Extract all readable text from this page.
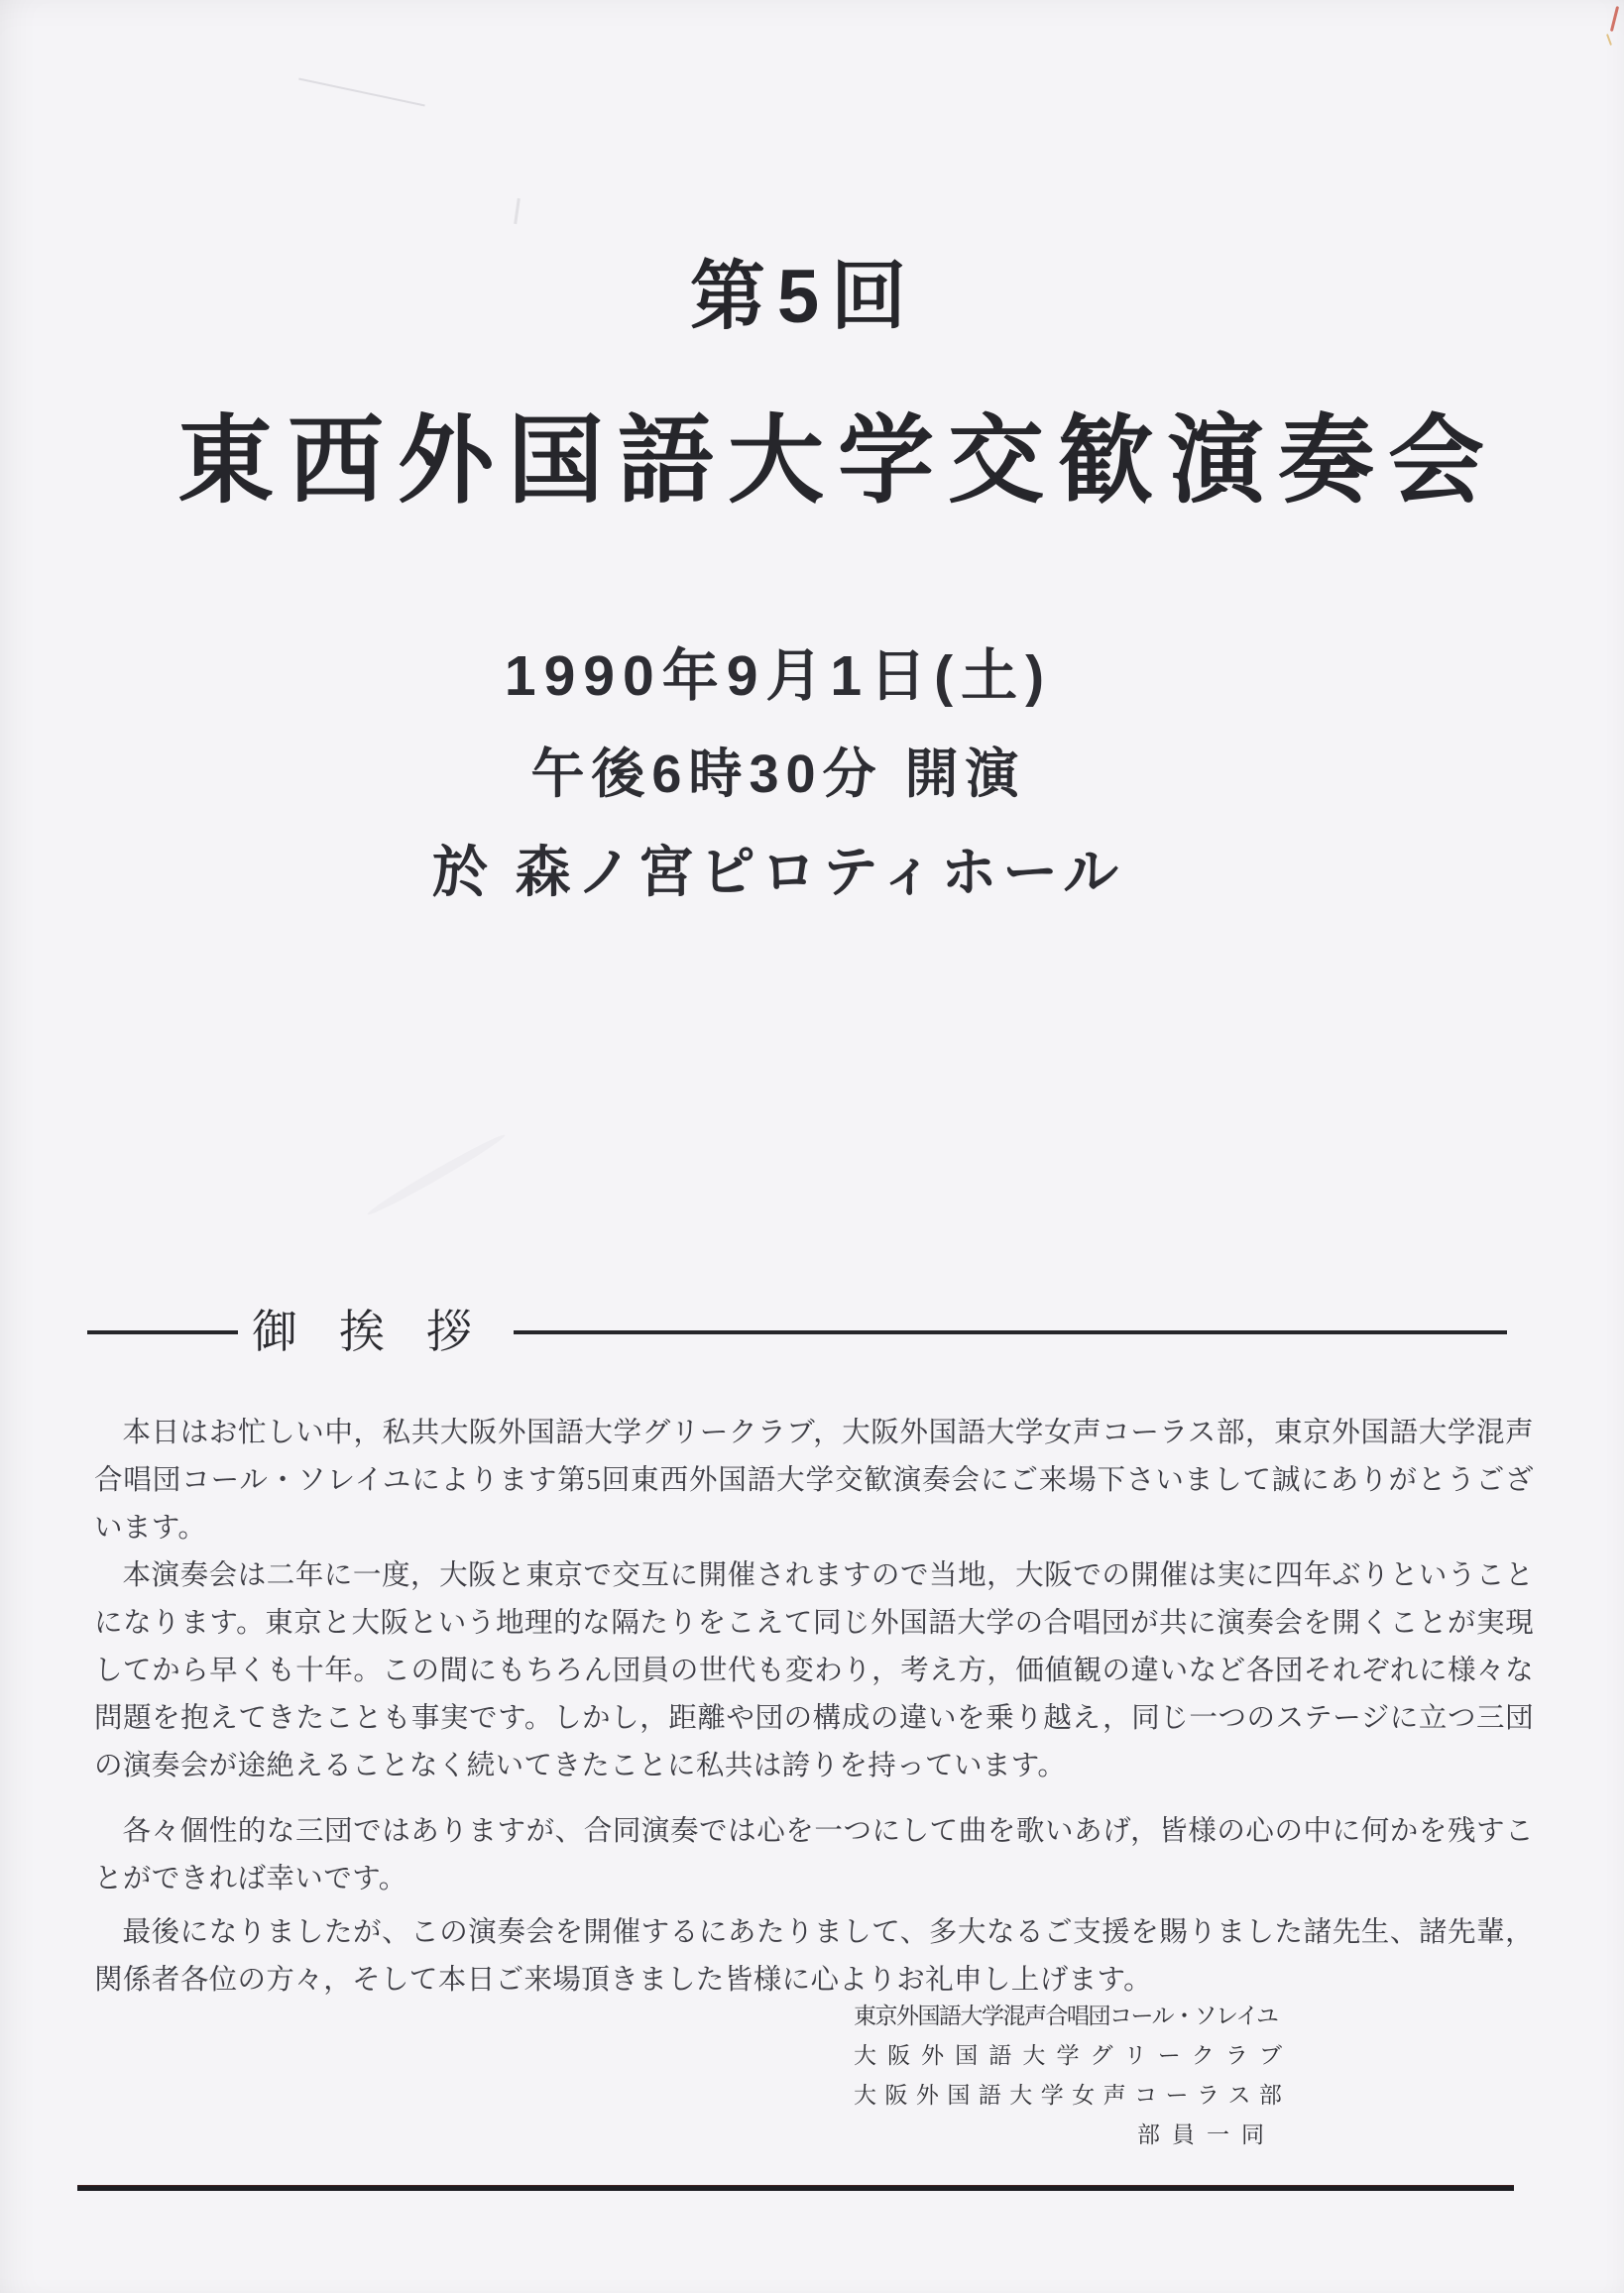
第5回
東西外国語大学交歓演奏会
1990年9月1日(土)
午後6時30分 開演
於 森ノ宮ピロティホール
御挨拶

本日はお忙しい中，私共大阪外国語大学グリークラブ，大阪外国語大学女声コーラス部，東京外国語大学混声合唱団コール・ソレイユによります第5回東西外国語大学交歓演奏会にご来場下さいまして誠にありがとうございます。

本演奏会は二年に一度，大阪と東京で交互に開催されますので当地，大阪での開催は実に四年ぶりということになります。東京と大阪という地理的な隔たりをこえて同じ外国語大学の合唱団が共に演奏会を開くことが実現してから早くも十年。この間にもちろん団員の世代も変わり，考え方，価値観の違いなど各団それぞれに様々な問題を抱えてきたことも事実です。しかし，距離や団の構成の違いを乗り越え，同じ一つのステージに立つ三団の演奏会が途絶えることなく続いてきたことに私共は誇りを持っています。

各々個性的な三団ではありますが、合同演奏では心を一つにして曲を歌いあげ，皆様の心の中に何かを残すことができれば幸いです。

最後になりましたが、この演奏会を開催するにあたりまして、多大なるご支援を賜りました諸先生、諸先輩，関係者各位の方々，そして本日ご来場頂きました皆様に心よりお礼申し上げます。

東京外国語大学混声合唱団コール・ソレイユ
大 阪 外 国 語 大 学 グ リ ー ク ラ ブ
大 阪 外 国 語 大 学 女 声 コ ー ラ ス 部
部 員 一 同
